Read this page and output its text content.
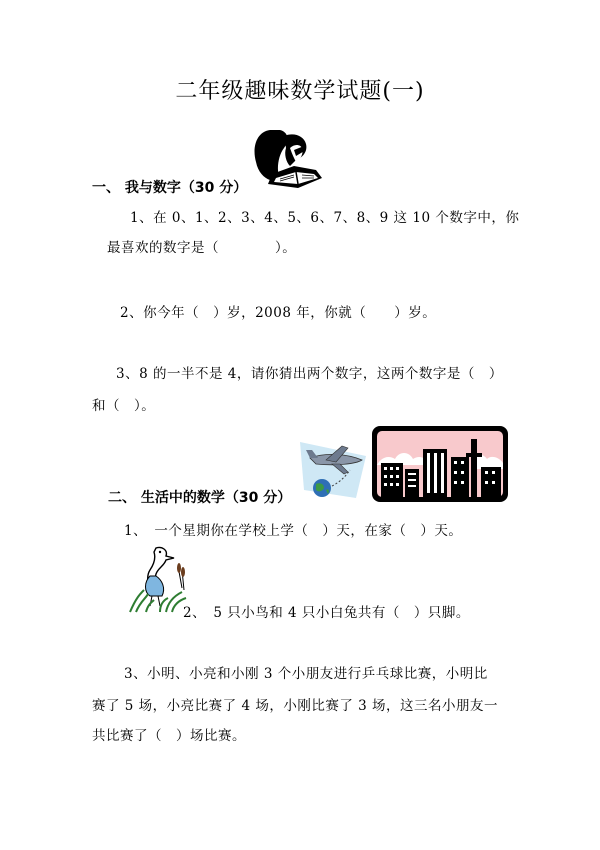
二年级趣味数学试题(一)
一、 我与数字（30 分）
1、在 0、1、2、3、4、5、6、7、8、9 这 10 个数字中，你
最喜欢的数字是（　　　　）。
2、你今年（　）岁，2008 年，你就（　　）岁。
3、8 的一半不是 4，请你猜出两个数字，这两个数字是（　）
和（　）。
二、 生活中的数学（30 分）
1、　一个星期你在学校上学（　）天，在家（　）天。
2、　5 只小鸟和 4 只小白兔共有（　）只脚。
3、小明、小亮和小刚 3 个小朋友进行乒乓球比赛，小明比
赛了 5 场，小亮比赛了 4 场，小刚比赛了 3 场，这三名小朋友一
共比赛了（　）场比赛。
